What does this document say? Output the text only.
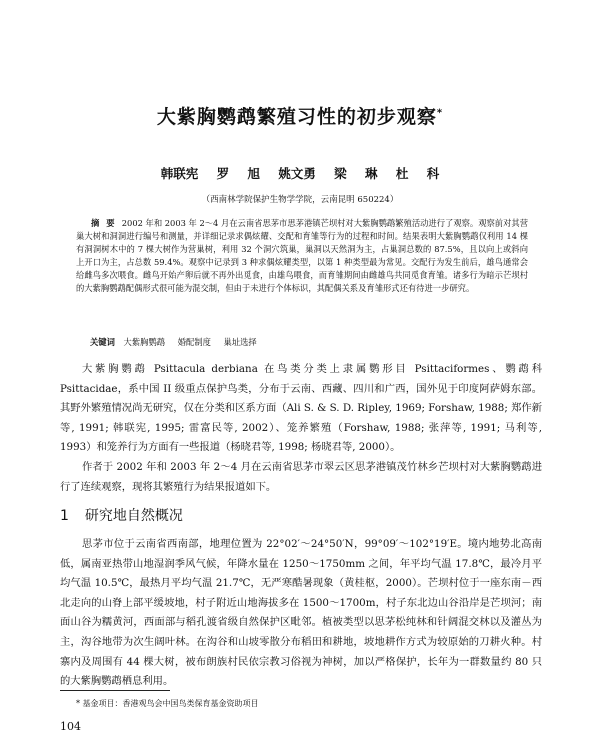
大紫胸鹦鹉繁殖习性的初步观察*
韩联宪 罗 旭 姚文勇 梁 琳 杜 科
（西南林学院保护生物学学院，云南昆明 650224）

摘 要 2002 年和 2003 年 2～4 月在云南省思茅市思茅港镇芒坝村对大紫胸鹦鹉繁殖活动进行了观察。观察前对其营巢大树和洞洞进行编号和测量，并详细记录求偶炫耀、交配和育雏等行为的过程和时间。结果表明大紫胸鹦鹉仅利用 14 棵有洞洞树木中的 7 棵大树作为营巢树，利用 32 个洞穴筑巢，巢洞以天然洞为主，占巢洞总数的 87.5%，且以向上或斜向上开口为主，占总数 59.4%。观察中记录到 3 种求偶炫耀类型，以第 1 种类型最为常见。交配行为发生前后，雄鸟通常会给雌鸟多次喂食。雌鸟开始产卵后就不再外出觅食，由雄鸟喂食，而育雏期间由雌雄鸟共同觅食育雏。诸多行为暗示芒坝村的大紫胸鹦鹉配偶形式很可能为混交制，但由于未进行个体标识，其配偶关系及育雏形式还有待进一步研究。

关键词 大紫胸鹦鹉 婚配制度 巢址选择

大紫胸鹦鹉 Psittacula derbiana 在鸟类分类上隶属鹦形目 Psittaciformes、鹦鹉科 Psittacidae，系中国 II 级重点保护鸟类，分布于云南、西藏、四川和广西，国外见于印度阿萨姆东部。其野外繁殖情况尚无研究，仅在分类和区系方面（Ali S. & S. D. Ripley, 1969; Forshaw, 1988; 郑作新等, 1991; 韩联宪, 1995; 雷富民等, 2002）、笼养繁殖（Forshaw, 1988; 张萍等, 1991; 马利等, 1993）和笼养行为方面有一些报道（杨晓君等, 1998; 杨晓君等, 2000）。

作者于 2002 年和 2003 年 2～4 月在云南省思茅市翠云区思茅港镇茂竹林乡芒坝村对大紫胸鹦鹉进行了连续观察，现将其繁殖行为结果报道如下。

1 研究地自然概况

思茅市位于云南省西南部，地理位置为 22°02′～24°50′N，99°09′～102°19′E。境内地势北高南低，属南亚热带山地湿润季风气候，年降水量在 1250～1750mm 之间，年平均气温 17.8℃，最冷月平均气温 10.5℃，最热月平均气温 21.7℃，无严寒酷暑现象（黄桂枢，2000）。芒坝村位于一座东南－西北走向的山脊上部平缓坡地，村子附近山地海拔多在 1500～1700m，村子东北边山谷沿岸是芒坝河；南面山谷为糯黄河，西面部与稻孔渡省级自然保护区毗邻。植被类型以思茅松纯林和针阔混交林以及灌丛为主，沟谷地带为次生阔叶林。在沟谷和山坡零散分布稻田和耕地，坡地耕作方式为较原始的刀耕火种。村寨内及周围有 44 棵大树，被布朗族村民依宗教习俗视为神树，加以严格保护，长年为一群数量约 80 只的大紫胸鹦鹉栖息利用。

* 基金项目：香港观鸟会中国鸟类保育基金资助项目
104
